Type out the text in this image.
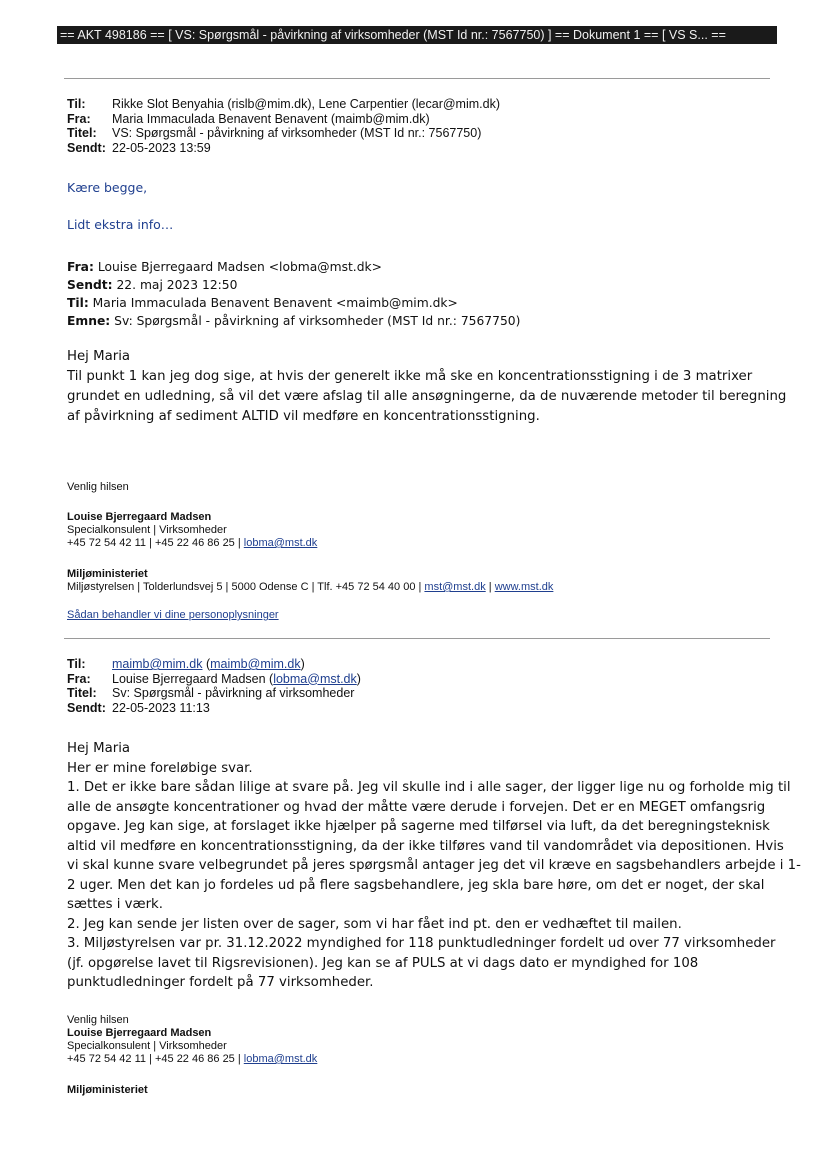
== AKT 498186 == [ VS: Spørgsmål - påvirkning af virksomheder (MST Id nr.: 7567750) ] == Dokument 1 == [ VS S... ==
Til:	Rikke Slot Benyahia (rislb@mim.dk), Lene Carpentier (lecar@mim.dk)
Fra:	Maria Immaculada Benavent Benavent (maimb@mim.dk)
Titel:	VS: Spørgsmål - påvirkning af virksomheder (MST Id nr.: 7567750)
Sendt: 22-05-2023 13:59
Kære begge,
Lidt ekstra info…
Fra: Louise Bjerregaard Madsen <lobma@mst.dk>
Sendt: 22. maj 2023 12:50
Til: Maria Immaculada Benavent Benavent <maimb@mim.dk>
Emne: Sv: Spørgsmål - påvirkning af virksomheder (MST Id nr.: 7567750)
Hej Maria
Til punkt 1 kan jeg dog sige, at hvis der generelt ikke må ske en koncentrationsstigning i de 3 matrixer
grundet en udledning, så vil det være afslag til alle ansøgningerne, da de nuværende metoder til beregning
af påvirkning af sediment ALTID vil medføre en koncentrationsstigning.
Venlig hilsen
Louise Bjerregaard Madsen
Specialkonsulent | Virksomheder
+45 72 54 42 11 | +45 22 46 86 25 | lobma@mst.dk
Miljøministeriet
Miljøstyrelsen | Tolderlundsvej 5 | 5000 Odense C | Tlf. +45 72 54 40 00 | mst@mst.dk | www.mst.dk
Sådan behandler vi dine personoplysninger
Til:	maimb@mim.dk (maimb@mim.dk)
Fra:	Louise Bjerregaard Madsen (lobma@mst.dk)
Titel:	Sv: Spørgsmål - påvirkning af virksomheder
Sendt: 22-05-2023 11:13
Hej Maria
Her er mine foreløbige svar.
1. Det er ikke bare sådan lilige at svare på. Jeg vil skulle ind i alle sager, der ligger lige nu og forholde mig til
alle de ansøgte koncentrationer og hvad der måtte være derude i forvejen. Det er en MEGET omfangsrig
opgave. Jeg kan sige, at forslaget ikke hjælper på sagerne med tilførsel via luft, da det beregningsteknisk
altid vil medføre en koncentrationsstigning, da der ikke tilføres vand til vandområdet via depositionen. Hvis
vi skal kunne svare velbegrundet på jeres spørgsmål antager jeg det vil kræve en sagsbehandlers arbejde i 1-
2 uger. Men det kan jo fordeles ud på flere sagsbehandlere, jeg skla bare høre, om det er noget, der skal
sættes i værk.
2. Jeg kan sende jer listen over de sager, som vi har fået ind pt. den er vedhæftet til mailen.
3. Miljøstyrelsen var pr. 31.12.2022 myndighed for 118 punktudledninger fordelt ud over 77 virksomheder
(jf. opgørelse lavet til Rigsrevisionen). Jeg kan se af PULS at vi dags dato er myndighed for 108
punktudledninger fordelt på 77 virksomheder.
Venlig hilsen
Louise Bjerregaard Madsen
Specialkonsulent | Virksomheder
+45 72 54 42 11 | +45 22 46 86 25 | lobma@mst.dk
Miljøministeriet
